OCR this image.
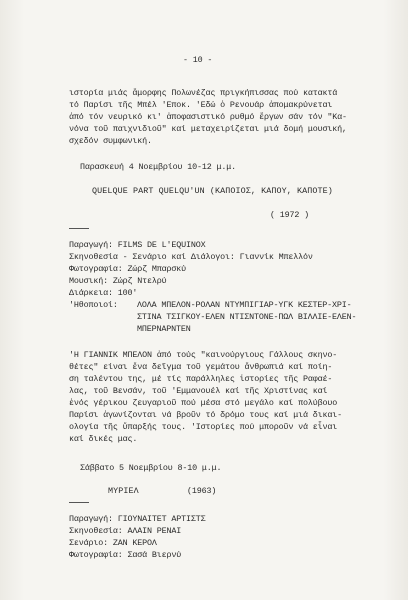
- 10 -
ιστορία μιάς ἄμορφης Πολωνέζας πριγκήπισσας πού κατακτά
τό Παρίσι τῆς Μπέλ 'Εποκ. 'Εδώ ὁ Ρενουάρ ἀπομακρύνεται
ἀπό τόν νευρικό κι' ἀποφασιστικό ρυθμό ἔργων σάν τόν "Κα-
νόνα τοῦ παιχνιδιοῦ" καί μεταχειρίζεται μιά δομή μουσική,
σχεδόν συμφωνική.
Παρασκευή 4 Νοεμβρίου 10-12 μ.μ.
QUELQUE PART QUELQU'UN (ΚΑΠΟΙΟΣ, ΚΑΠΟΥ, ΚΑΠΟΤΕ)
( 1972 )
Παραγωγή: FILMS DE L'EQUINOX
Σκηνοθεσία - Σενάριο καί Διάλογοι: Γιαννίκ Μπελλόν
Φωτογραφία: Ζώρζ Μπαρσκύ
Μουσική: Ζώρζ Ντελρύ
Διάρκεια: 100'
'Ηθοποιοί: ΛΟΛΑ ΜΠΕΛΟΝ-ΡΟΛΑΝ ΝΤΥΜΠΙΓΙΑΡ-ΥΓΚ ΚΕΣΤΕΡ-ΧΡΙ-
ΣΤΙΝΑ ΤΣΙΓΚΟΥ-ΕΛΕΝ ΝΤΙΣΝΤΟΝΕ-ΠΩΛ ΒΙΛΛΙΕ-ΕΛΕΝ-
ΜΠΕΡΝΑΡΝΤΕΝ
'Η ΓΙΑΝΝΙΚ ΜΠΕΛΟΝ ἀπό τούς "καινούργιους Γάλλους σκηνο-
θέτες" είναι ἕνα δεῖγμα τοῦ γεμάτου ἄνθρωπιά καί ποίη-
ση ταλέντου της, μέ τίς παράλληλες ἱστορίες τῆς Ραφαέ-
λας, τοῦ Βενσάν, τοῦ 'Εμμανουέλ καί τῆς Χριστίνας καί
ἑνός γέρικου ζευγαριοῦ πού μέσα στό μεγάλο καί πολύβουο
Παρίσι ἀγωνίζονται νά βροῦν τό δρόμο τους καί μιά δικαι-
ολογία τῆς ὕπαρξής τους. 'Ιστορίες πού μποροῦν νά εἶναι
καί δικές μας.
Σάββατο 5 Νοεμβρίου 8-10 μ.μ.
ΜΥΡΙΕΛ	(1963)
Παραγωγή: ΓΙΟΥΝΑΙΤΕΤ ΑΡΤΙΣΤΣ
Σκηνοθεσία: ΑΛΑΙΝ ΡΕΝΑΙ
Σενάριο: ΖΑΝ ΚΕΡΟΛ
Φωτογραφία: Σασά Βιερνύ
